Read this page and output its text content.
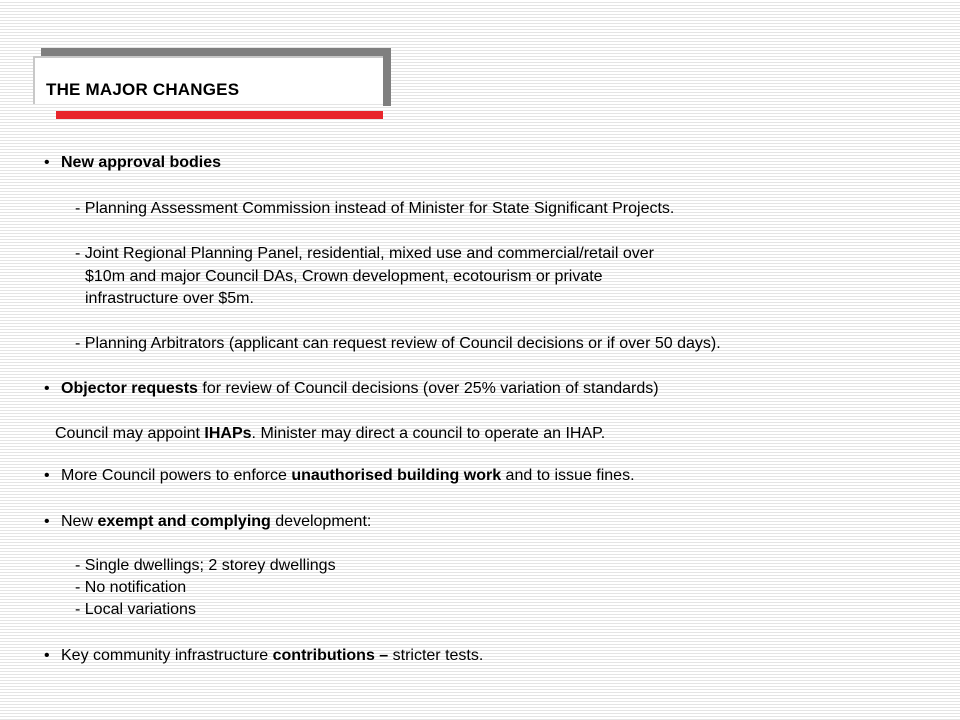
THE MAJOR CHANGES
• New approval bodies
- Planning Assessment Commission instead of Minister for State Significant Projects.
- Joint Regional Planning Panel, residential, mixed use and commercial/retail over
$10m and major Council DAs, Crown development, ecotourism or private
infrastructure over $5m.
- Planning Arbitrators (applicant can request review of Council decisions or if over 50 days).
• Objector requests for review of Council decisions (over 25% variation of standards)
Council may appoint IHAPs. Minister may direct a council to operate an IHAP.
• More Council powers to enforce unauthorised building work and to issue fines.
• New exempt and complying development:
- Single dwellings; 2 storey dwellings
- No notification
- Local variations
• Key community infrastructure contributions – stricter tests.
